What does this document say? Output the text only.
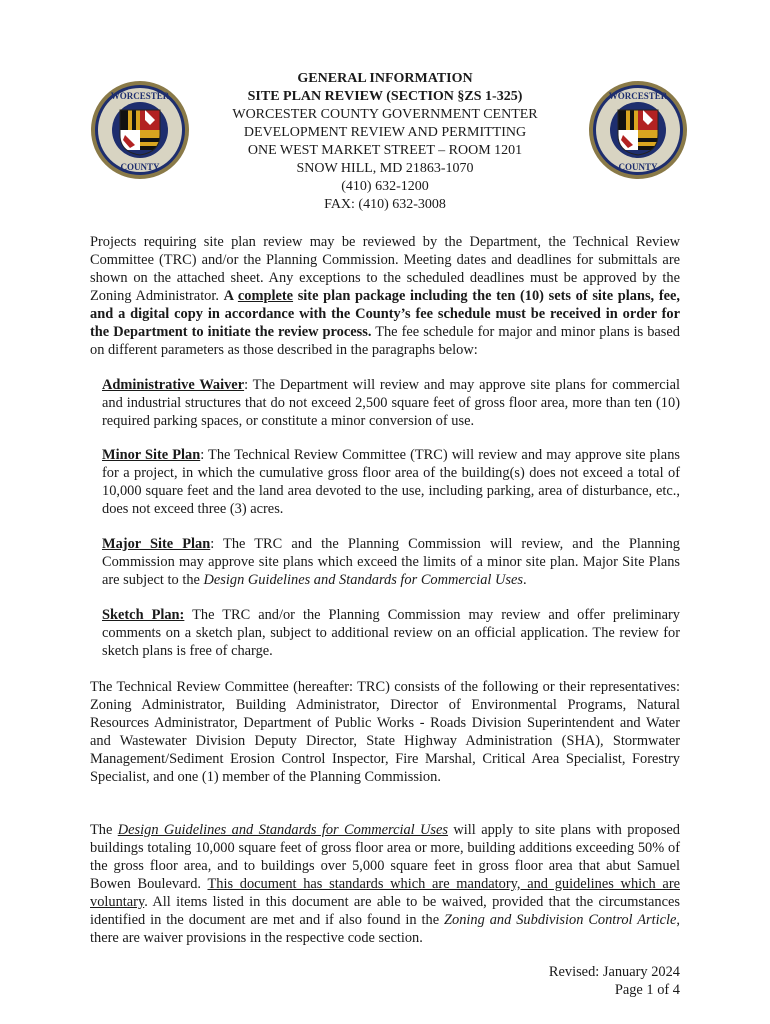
WORCESTER
COUNTY
WORCESTER
COUNTY
GENERAL INFORMATION
SITE PLAN REVIEW (SECTION §ZS 1-325)
WORCESTER COUNTY GOVERNMENT CENTER
DEVELOPMENT REVIEW AND PERMITTING
ONE WEST MARKET STREET – ROOM 1201
SNOW HILL, MD 21863-1070
(410) 632-1200
FAX: (410) 632-3008

Projects requiring site plan review may be reviewed by the Department, the Technical Review Committee (TRC) and/or the Planning Commission. Meeting dates and deadlines for submittals are shown on the attached sheet. Any exceptions to the scheduled deadlines must be approved by the Zoning Administrator. A complete site plan package including the ten (10) sets of site plans, fee, and a digital copy in accordance with the County’s fee schedule must be received in order for the Department to initiate the review process. The fee schedule for major and minor plans is based on different parameters as those described in the paragraphs below:

Administrative Waiver: The Department will review and may approve site plans for commercial and industrial structures that do not exceed 2,500 square feet of gross floor area, more than ten (10) required parking spaces, or constitute a minor conversion of use.

Minor Site Plan: The Technical Review Committee (TRC) will review and may approve site plans for a project, in which the cumulative gross floor area of the building(s) does not exceed a total of 10,000 square feet and the land area devoted to the use, including parking, area of disturbance, etc., does not exceed three (3) acres.

Major Site Plan: The TRC and the Planning Commission will review, and the Planning Commission may approve site plans which exceed the limits of a minor site plan. Major Site Plans are subject to the Design Guidelines and Standards for Commercial Uses.

Sketch Plan: The TRC and/or the Planning Commission may review and offer preliminary comments on a sketch plan, subject to additional review on an official application. The review for sketch plans is free of charge.

The Technical Review Committee (hereafter: TRC) consists of the following or their representatives: Zoning Administrator, Building Administrator, Director of Environmental Programs, Natural Resources Administrator, Department of Public Works - Roads Division Superintendent and Water and Wastewater Division Deputy Director, State Highway Administration (SHA), Stormwater Management/Sediment Erosion Control Inspector, Fire Marshal, Critical Area Specialist, Forestry Specialist, and one (1) member of the Planning Commission.

The Design Guidelines and Standards for Commercial Uses will apply to site plans with proposed buildings totaling 10,000 square feet of gross floor area or more, building additions exceeding 50% of the gross floor area, and to buildings over 5,000 square feet in gross floor area that abut Samuel Bowen Boulevard. This document has standards which are mandatory, and guidelines which are voluntary. All items listed in this document are able to be waived, provided that the circumstances identified in the document are met and if also found in the Zoning and Subdivision Control Article, there are waiver provisions in the respective code section.

Revised: January 2024
Page 1 of 4
